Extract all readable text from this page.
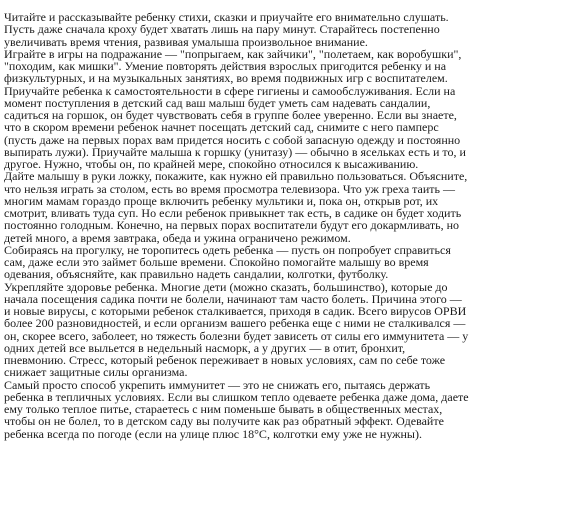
Читайте и рассказывайте ребенку стихи, сказки и приучайте его внимательно слушать.
Пусть даже сначала кроху будет хватать лишь на пару минут. Старайтесь постепенно
увеличивать время чтения, развивая умалыша произвольное внимание.
Играйте в игры на подражание — "попрыгаем, как зайчики", "полетаем, как воробушки",
"походим, как мишки". Умение повторять действия взрослых пригодится ребенку и на
физкультурных, и на музыкальных занятиях, во время подвижных игр с воспитателем.
Приучайте ребенка к самостоятельности в сфере гигиены и самообслуживания. Если на
момент поступления в детский сад ваш малыш будет уметь сам надевать сандалии,
садиться на горшок, он будет чувствовать себя в группе более уверенно. Если вы знаете,
что в скором времени ребенок начнет посещать детский сад, снимите с него памперс
(пусть даже на первых порах вам придется носить с собой запасную одежду и постоянно
выпирать лужи). Приучайте малыша к горшку (унитазу) — обычно в ясельках есть и то, и
другое. Нужно, чтобы он, по крайней мере, спокойно относился к высаживанию.
Дайте малышу в руки ложку, покажите, как нужно ей правильно пользоваться. Объясните,
что нельзя играть за столом, есть во время просмотра телевизора. Что уж греха таить —
многим мамам гораздо проще включить ребенку мультики и, пока он, открыв рот, их
смотрит, вливать туда суп. Но если ребенок привыкнет так есть, в садике он будет ходить
постоянно голодным. Конечно, на первых порах воспитатели будут его докармливать, но
детей много, а время завтрака, обеда и ужина ограничено режимом.
Собираясь на прогулку, не торопитесь одеть ребенка — пусть он попробует справиться
сам, даже если это займет больше времени. Спокойно помогайте малышу во время
одевания, объясняйте, как правильно надеть сандалии, колготки, футболку.
Укрепляйте здоровье ребенка. Многие дети (можно сказать, большинство), которые до
начала посещения садика почти не болели, начинают там часто болеть. Причина этого —
и новые вирусы, с которыми ребенок сталкивается, приходя в садик. Всего вирусов ОРВИ
более 200 разновидностей, и если организм вашего ребенка еще с ними не сталкивался —
он, скорее всего, заболеет, но тяжесть болезни будет зависеть от силы его иммунитета — у
одних детей все выльется в недельный насморк, а у других — в отит, бронхит,
пневмонию. Стресс, который ребенок переживает в новых условиях, сам по себе тоже
снижает защитные силы организма.
Самый просто способ укрепить иммунитет — это не снижать его, пытаясь держать
ребенка в тепличных условиях. Если вы слишком тепло одеваете ребенка даже дома, даете
ему только теплое питье, стараетесь с ним поменьше бывать в общественных местах,
чтобы он не болел, то в детском саду вы получите как раз обратный эффект. Одевайте
ребенка всегда по погоде (если на улице плюс 18°С, колготки ему уже не нужны).
